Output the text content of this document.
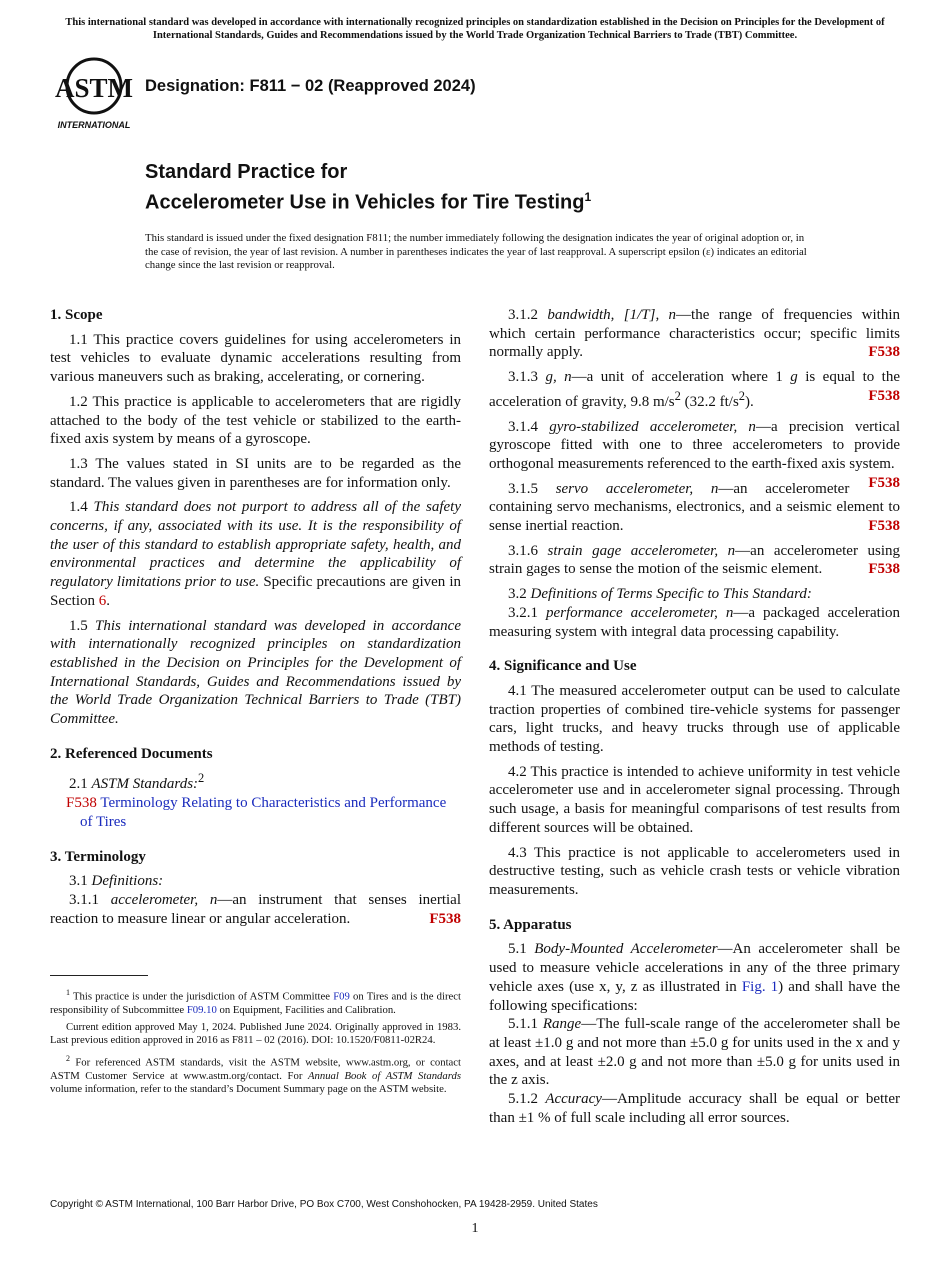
This international standard was developed in accordance with internationally recognized principles on standardization established in the Decision on Principles for the Development of International Standards, Guides and Recommendations issued by the World Trade Organization Technical Barriers to Trade (TBT) Committee.
ASTM
INTERNATIONAL
Designation: F811 − 02 (Reapproved 2024)
Standard Practice for
Accelerometer Use in Vehicles for Tire Testing$^1$
This standard is issued under the fixed designation F811; the number immediately following the designation indicates the year of original adoption or, in the case of revision, the year of last revision. A number in parentheses indicates the year of last reapproval. A superscript epsilon (ε) indicates an editorial change since the last revision or reapproval.
1. Scope

1.1 This practice covers guidelines for using accelerometers in test vehicles to evaluate dynamic accelerations resulting from various maneuvers such as braking, accelerating, or cornering.

1.2 This practice is applicable to accelerometers that are rigidly attached to the body of the test vehicle or stabilized to the earth-fixed axis system by means of a gyroscope.

1.3 The values stated in SI units are to be regarded as the standard. The values given in parentheses are for information only.

1.4 This standard does not purport to address all of the safety concerns, if any, associated with its use. It is the responsibility of the user of this standard to establish appropriate safety, health, and environmental practices and determine the applicability of regulatory limitations prior to use. Specific precautions are given in Section 6.

1.5 This international standard was developed in accordance with internationally recognized principles on standardization established in the Decision on Principles for the Development of International Standards, Guides and Recommendations issued by the World Trade Organization Technical Barriers to Trade (TBT) Committee.

2. Referenced Documents

2.1 ASTM Standards:$^2$

F538 Terminology Relating to Characteristics and Performance of Tires

3. Terminology

3.1 Definitions:

3.1.1 accelerometer, n—an instrument that senses inertial reaction to measure linear or angular acceleration.	F538

3.1.2 bandwidth, [1/T], n—the range of frequencies within which certain performance characteristics occur; specific limits normally apply.	F538

3.1.3 g, n—a unit of acceleration where 1 g is equal to the acceleration of gravity, 9.8 $m/s^2$ (32.2 $ft/s^2$).	F538

3.1.4 gyro-stabilized accelerometer, n—a precision vertical gyroscope fitted with one to three accelerometers to provide orthogonal measurements referenced to the earth-fixed axis system.
F538

3.1.5 servo accelerometer, n—an accelerometer containing servo mechanisms, electronics, and a seismic element to sense inertial reaction.	F538

3.1.6 strain gage accelerometer, n—an accelerometer using strain gages to sense the motion of the seismic element.	F538

3.2 Definitions of Terms Specific to This Standard:

3.2.1 performance accelerometer, n—a packaged acceleration measuring system with integral data processing capability.

4. Significance and Use

4.1 The measured accelerometer output can be used to calculate traction properties of combined tire-vehicle systems for passenger cars, light trucks, and heavy trucks through use of applicable methods of testing.

4.2 This practice is intended to achieve uniformity in test vehicle accelerometer use and in accelerometer signal processing. Through such usage, a basis for meaningful comparisons of test results from different sources will be obtained.

4.3 This practice is not applicable to accelerometers used in destructive testing, such as vehicle crash tests or vehicle vibration measurements.

5. Apparatus

5.1 Body-Mounted Accelerometer—An accelerometer shall be used to measure vehicle accelerations in any of the three primary vehicle axes (use x, y, z as illustrated in Fig. 1) and shall have the following specifications:

5.1.1 Range—The full-scale range of the accelerometer shall be at least ±1.0 g and not more than ±5.0 g for units used in the x and y axes, and at least ±2.0 g and not more than ±5.0 g for units used in the z axis.

5.1.2 Accuracy—Amplitude accuracy shall be equal or better than ±1 % of full scale including all error sources.

$^1$ This practice is under the jurisdiction of ASTM Committee F09 on Tires and is the direct responsibility of Subcommittee F09.10 on Equipment, Facilities and Calibration.

Current edition approved May 1, 2024. Published June 2024. Originally approved in 1983. Last previous edition approved in 2016 as F811 – 02 (2016). DOI: 10.1520/F0811-02R24.

$^2$ For referenced ASTM standards, visit the ASTM website, www.astm.org, or contact ASTM Customer Service at www.astm.org/contact. For Annual Book of ASTM Standards volume information, refer to the standard’s Document Summary page on the ASTM website.

Copyright © ASTM International, 100 Barr Harbor Drive, PO Box C700, West Conshohocken, PA 19428-2959. United States
1
